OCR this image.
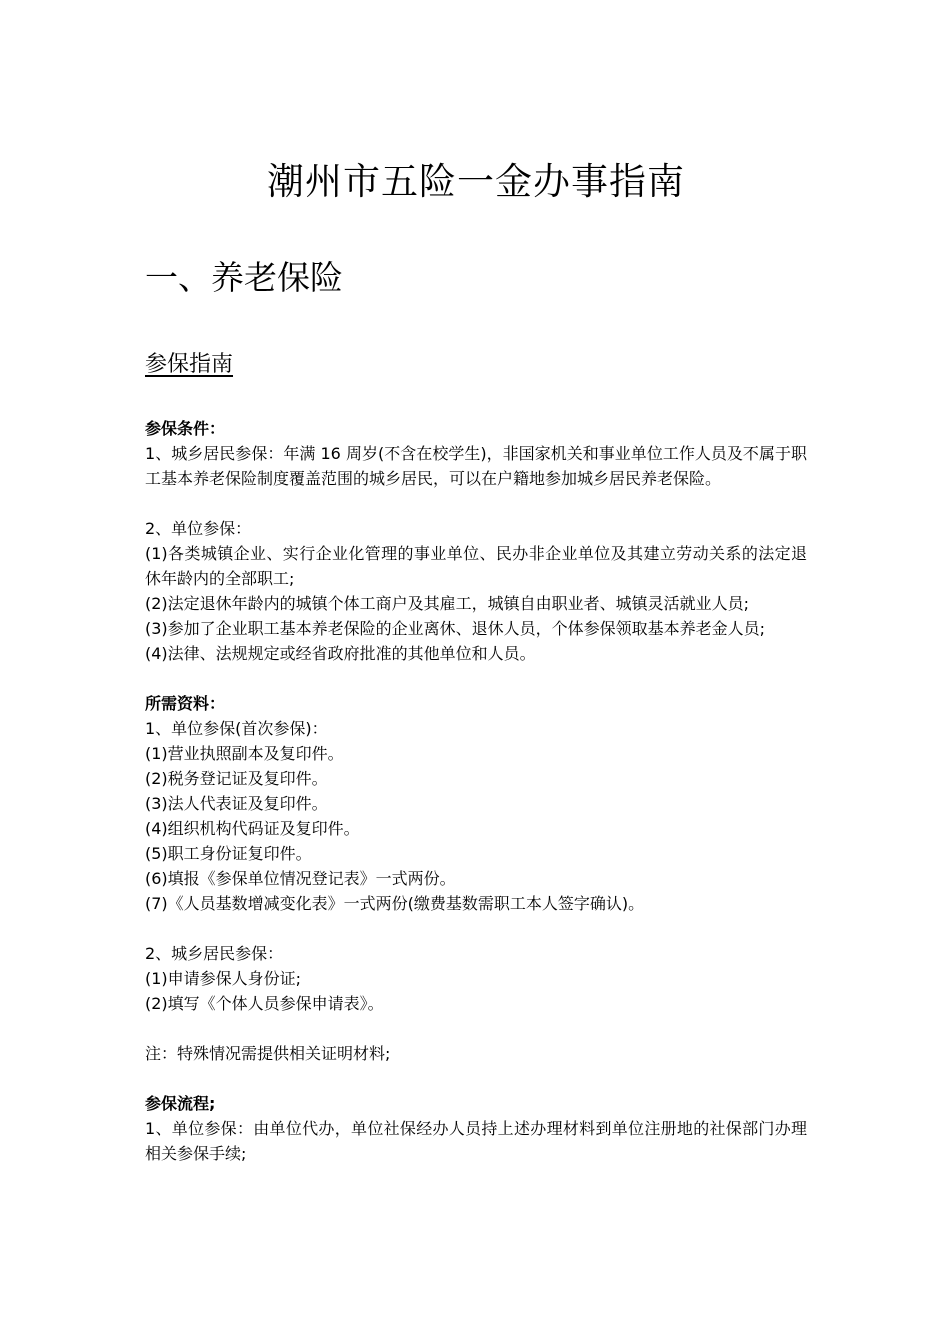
潮州市五险一金办事指南
一、养老保险
参保指南

参保条件：

1、城乡居民参保：年满 16 周岁(不含在校学生)，非国家机关和事业单位工作人员及不属于职工基本养老保险制度覆盖范围的城乡居民，可以在户籍地参加城乡居民养老保险。

2、单位参保：

(1)各类城镇企业、实行企业化管理的事业单位、民办非企业单位及其建立劳动关系的法定退休年龄内的全部职工;

(2)法定退休年龄内的城镇个体工商户及其雇工，城镇自由职业者、城镇灵活就业人员;

(3)参加了企业职工基本养老保险的企业离休、退休人员，个体参保领取基本养老金人员;

(4)法律、法规规定或经省政府批准的其他单位和人员。

所需资料：

1、单位参保(首次参保)：

(1)营业执照副本及复印件。

(2)税务登记证及复印件。

(3)法人代表证及复印件。

(4)组织机构代码证及复印件。

(5)职工身份证复印件。

(6)填报《参保单位情况登记表》一式两份。

(7)《人员基数增减变化表》一式两份(缴费基数需职工本人签字确认)。

2、城乡居民参保：

(1)申请参保人身份证;

(2)填写《个体人员参保申请表》。

注：特殊情况需提供相关证明材料;

参保流程;

1、单位参保：由单位代办，单位社保经办人员持上述办理材料到单位注册地的社保部门办理相关参保手续;
